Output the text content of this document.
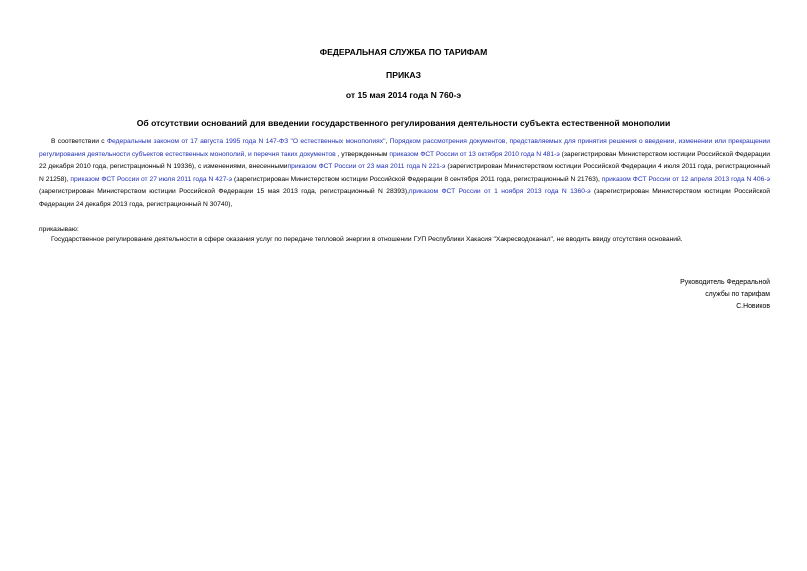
ФЕДЕРАЛЬНАЯ СЛУЖБА ПО ТАРИФАМ
ПРИКАЗ
от 15 мая 2014 года N 760-э
Об отсутствии оснований для введении государственного регулирования деятельности субъекта естественной монополии
В соответствии с Федеральным законом от 17 августа 1995 года N 147-ФЗ "О естественных монополиях", Порядком рассмотрения документов, представляемых для принятия решения о введении, изменении или прекращении регулирования деятельности субъектов естественных монополий, и перечня таких документов , утвержденным приказом ФСТ России от 13 октября 2010 года N 481-э (зарегистрирован Министерством юстиции Российской Федерации 22 декабря 2010 года, регистрационный N 19336), с изменениями, внесеннымиприказом ФСТ России от 23 мая 2011 года N 221-э (зарегистрирован Министерством юстиции Российской Федерации 4 июля 2011 года, регистрационный N 21258), приказом ФСТ России от 27 июля 2011 года N 427-э (зарегистрирован Министерством юстиции Российской Федерации 8 сентября 2011 года, регистрационный N 21763), приказом ФСТ России от 12 апреля 2013 года N 406-э (зарегистрирован Министерством юстиции Российской Федерации 15 мая 2013 года, регистрационный N 28393),приказом ФСТ России от 1 ноября 2013 года N 1360-э (зарегистрирован Министерством юстиции Российской Федерации 24 декабря 2013 года, регистрационный N 30740),
приказываю:
Государственное регулирование деятельности в сфере оказания услуг по передаче тепловой энергии в отношении ГУП Республики Хакасия "Хакресводоканал", не вводить ввиду отсутствия оснований.
Руководитель Федеральной
службы по тарифам
С.Новиков
